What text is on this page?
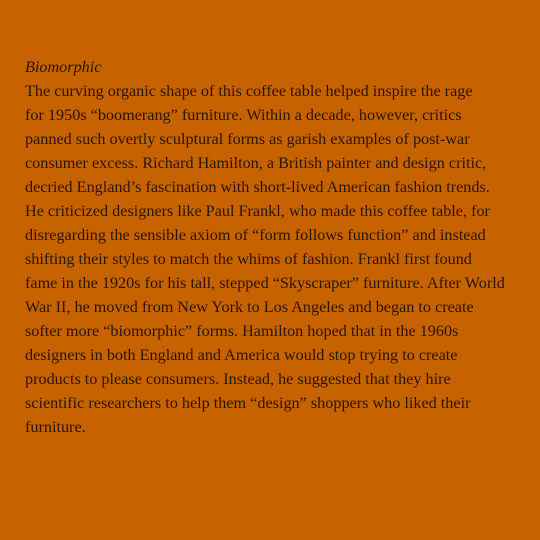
Biomorphic
The curving organic shape of this coffee table helped inspire the rage
for 1950s “boomerang” furniture. Within a decade, however, critics
panned such overtly sculptural forms as garish examples of post-war
consumer excess. Richard Hamilton, a British painter and design critic,
decried England’s fascination with short-lived American fashion trends.
He criticized designers like Paul Frankl, who made this coffee table, for
disregarding the sensible axiom of “form follows function” and instead
shifting their styles to match the whims of fashion. Frankl first found
fame in the 1920s for his tall, stepped “Skyscraper” furniture. After World
War II, he moved from New York to Los Angeles and began to create
softer more “biomorphic” forms. Hamilton hoped that in the 1960s
designers in both England and America would stop trying to create
products to please consumers. Instead, he suggested that they hire
scientific researchers to help them “design” shoppers who liked their
furniture.
